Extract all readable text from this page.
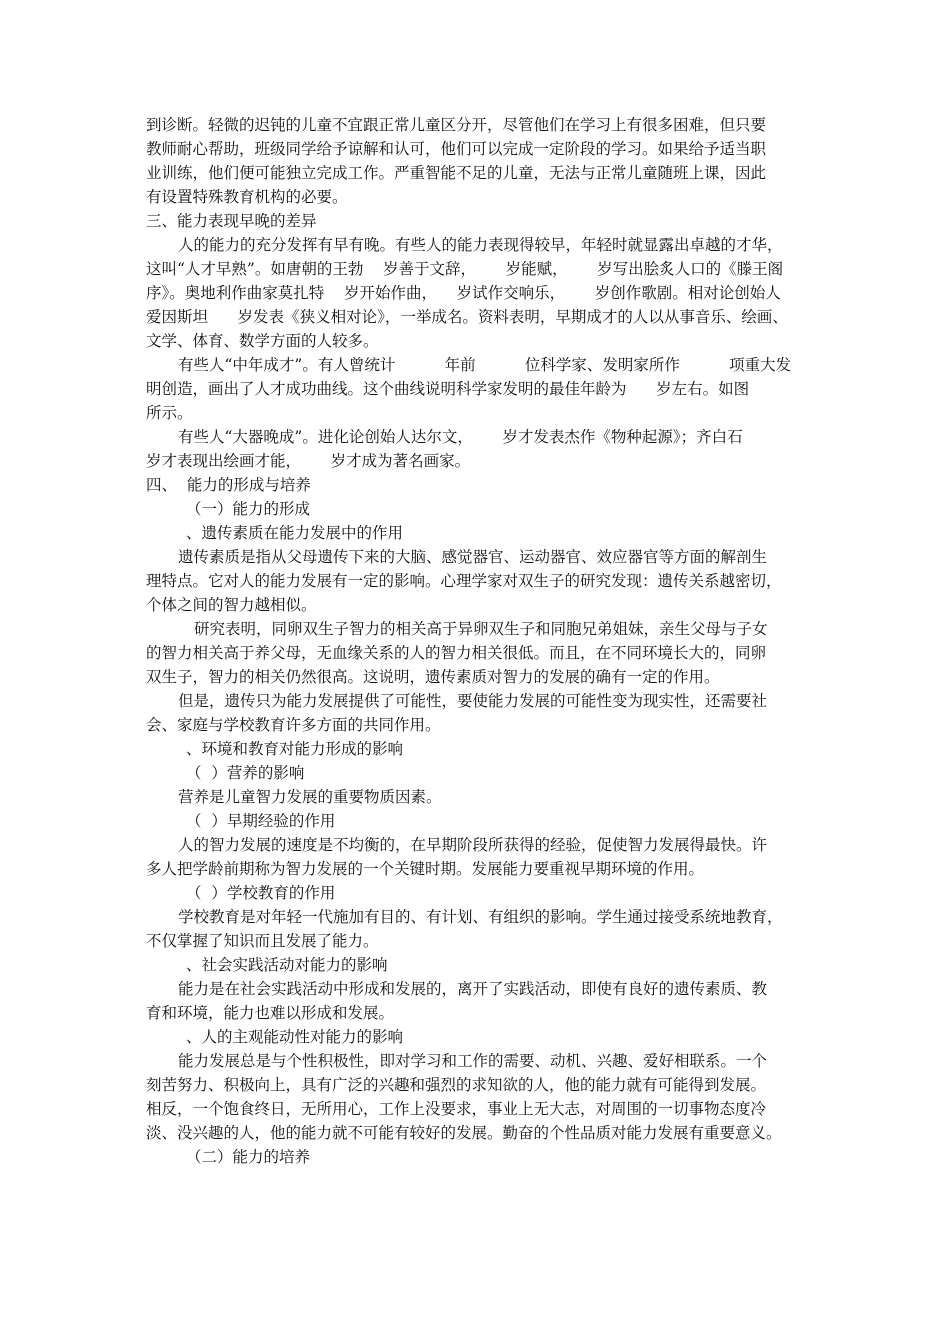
到诊断。轻微的迟钝的儿童不宜跟正常儿童区分开，尽管他们在学习上有很多困难，但只要
教师耐心帮助，班级同学给予谅解和认可，他们可以完成一定阶段的学习。如果给予适当职
业训练，他们便可能独立完成工作。严重智能不足的儿童，无法与正常儿童随班上课，因此
有设置特殊教育机构的必要。
三、能力表现早晚的差异
人的能力的充分发挥有早有晚。有些人的能力表现得较早，年轻时就显露出卓越的才华，
这叫“人才早熟”。如唐朝的王勃    岁善于文辞，      岁能赋，      岁写出脍炙人口的《滕王阁
序》。奥地利作曲家莫扎特    岁开始作曲，    岁试作交响乐，      岁创作歌剧。相对论创始人
爱因斯坦      岁发表《狭义相对论》，一举成名。资料表明，早期成才的人以从事音乐、绘画、
文学、体育、数学方面的人较多。
有些人“中年成才”。有人曾统计          年前          位科学家、发明家所作          项重大发
明创造，画出了人才成功曲线。这个曲线说明科学家发明的最佳年龄为      岁左右。如图
所示。
有些人“大器晚成”。进化论创始人达尔文，      岁才发表杰作《物种起源》；齐白石
岁才表现出绘画才能，      岁才成为著名画家。
四、  能力的形成与培养
（一）能力的形成
、遗传素质在能力发展中的作用
遗传素质是指从父母遗传下来的大脑、感觉器官、运动器官、效应器官等方面的解剖生
理特点。它对人的能力发展有一定的影响。心理学家对双生子的研究发现：遗传关系越密切，
个体之间的智力越相似。
研究表明，同卵双生子智力的相关高于异卵双生子和同胞兄弟姐妹，亲生父母与子女
的智力相关高于养父母，无血缘关系的人的智力相关很低。而且，在不同环境长大的，同卵
双生子，智力的相关仍然很高。这说明，遗传素质对智力的发展的确有一定的作用。
但是，遗传只为能力发展提供了可能性，要使能力发展的可能性变为现实性，还需要社
会、家庭与学校教育许多方面的共同作用。
、环境和教育对能力形成的影响
（  ）营养的影响
营养是儿童智力发展的重要物质因素。
（  ）早期经验的作用
人的智力发展的速度是不均衡的，在早期阶段所获得的经验，促使智力发展得最快。许
多人把学龄前期称为智力发展的一个关键时期。发展能力要重视早期环境的作用。
（  ）学校教育的作用
学校教育是对年轻一代施加有目的、有计划、有组织的影响。学生通过接受系统地教育，
不仅掌握了知识而且发展了能力。
、社会实践活动对能力的影响
能力是在社会实践活动中形成和发展的，离开了实践活动，即使有良好的遗传素质、教
育和环境，能力也难以形成和发展。
、人的主观能动性对能力的影响
能力发展总是与个性积极性，即对学习和工作的需要、动机、兴趣、爱好相联系。一个
刻苦努力、积极向上，具有广泛的兴趣和强烈的求知欲的人，他的能力就有可能得到发展。
相反，一个饱食终日，无所用心，工作上没要求，事业上无大志，对周围的一切事物态度冷
淡、没兴趣的人，他的能力就不可能有较好的发展。勤奋的个性品质对能力发展有重要意义。
（二）能力的培养
